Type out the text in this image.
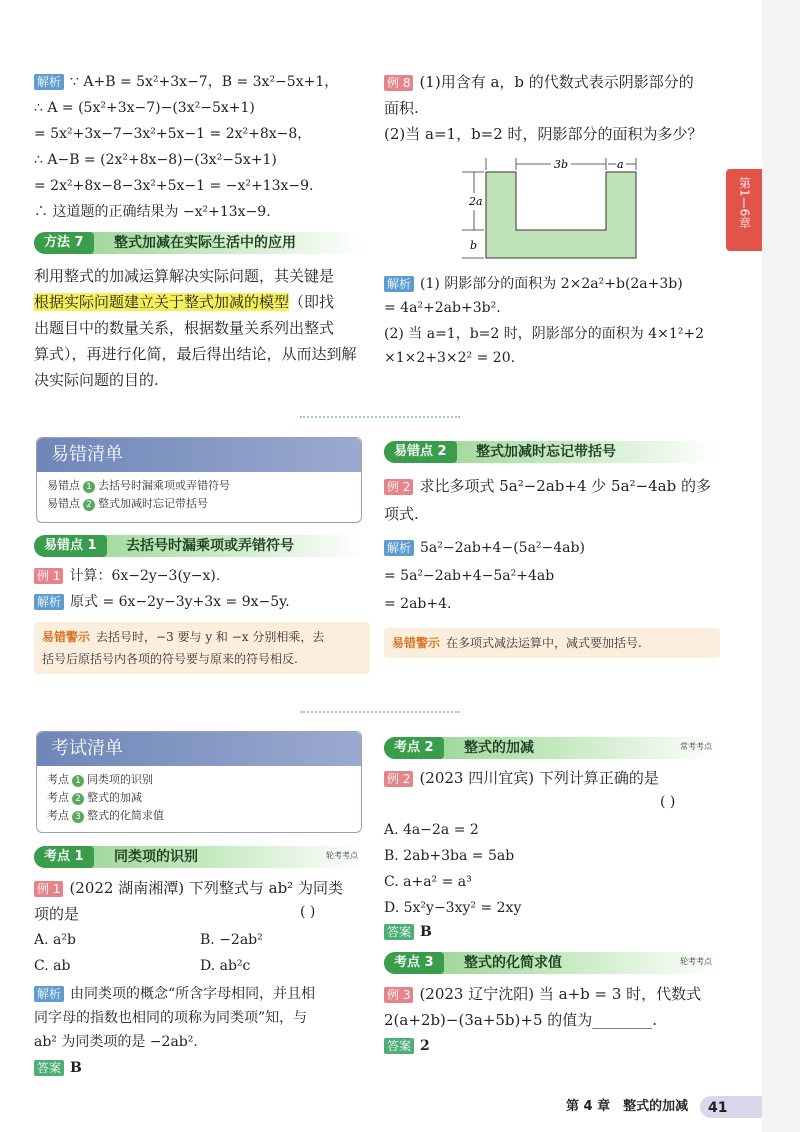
第1—6章
解析 ∵ A+B = 5x²+3x−7，B = 3x²−5x+1，
∴ A = (5x²+3x−7)−(3x²−5x+1)
= 5x²+3x−7−3x²+5x−1 = 2x²+8x−8，
∴ A−B = (2x²+8x−8)−(3x²−5x+1)
= 2x²+8x−8−3x²+5x−1 = −x²+13x−9.
∴ 这道题的正确结果为 −x²+13x−9.
方法 7	整式加减在实际生活中的应用
利用整式的加减运算解决实际问题，其关键是
根据实际问题建立关于整式加减的模型（即找
出题目中的数量关系，根据数量关系列出整式
算式），再进行化简，最后得出结论，从而达到解
决实际问题的目的.
例 8 (1)用含有 a，b 的代数式表示阴影部分的
面积.
(2)当 a=1，b=2 时，阴影部分的面积为多少？
3b	a
2a
b
解析 (1) 阴影部分的面积为 2×2a²+b(2a+3b)
= 4a²+2ab+3b².
(2) 当 a=1，b=2 时，阴影部分的面积为 4×1²+2
×1×2+3×2² = 20.
易错清单
易错点 1 去括号时漏乘项或弄错符号
易错点 2 整式加减时忘记带括号
易错点 1	去括号时漏乘项或弄错符号
例 1 计算：6x−2y−3(y−x).
解析 原式 = 6x−2y−3y+3x = 9x−5y.
易错警示 去括号时，−3 要与 y 和 −x 分别相乘，去
括号后原括号内各项的符号要与原来的符号相反.
易错点 2	整式加减时忘记带括号
例 2 求比多项式 5a²−2ab+4 少 5a²−4ab 的多
项式.
解析 5a²−2ab+4−(5a²−4ab)
= 5a²−2ab+4−5a²+4ab
= 2ab+4.
易错警示 在多项式减法运算中，减式要加括号.
考试清单
考点 1 同类项的识别
考点 2 整式的加减
考点 3 整式的化简求值
考点 1	同类项的识别	轮考考点
例 1 (2022 湖南湘潭) 下列整式与 ab² 为同类
项的是	( )
A. a²b	B. −2ab²
C. ab	D. ab²c
解析 由同类项的概念“所含字母相同，并且相
同字母的指数也相同的项称为同类项”知，与
ab² 为同类项的是 −2ab².
答案 B
考点 2	整式的加减	常考考点
例 2 (2023 四川宜宾) 下列计算正确的是
( )
A. 4a−2a = 2
B. 2ab+3ba = 5ab
C. a+a² = a³
D. 5x²y−3xy² = 2xy
答案 B
考点 3	整式的化简求值	轮考考点
例 3 (2023 辽宁沈阳) 当 a+b = 3 时，代数式
2(a+2b)−(3a+5b)+5 的值为________.
答案 2
第 4 章　整式的加减 41
